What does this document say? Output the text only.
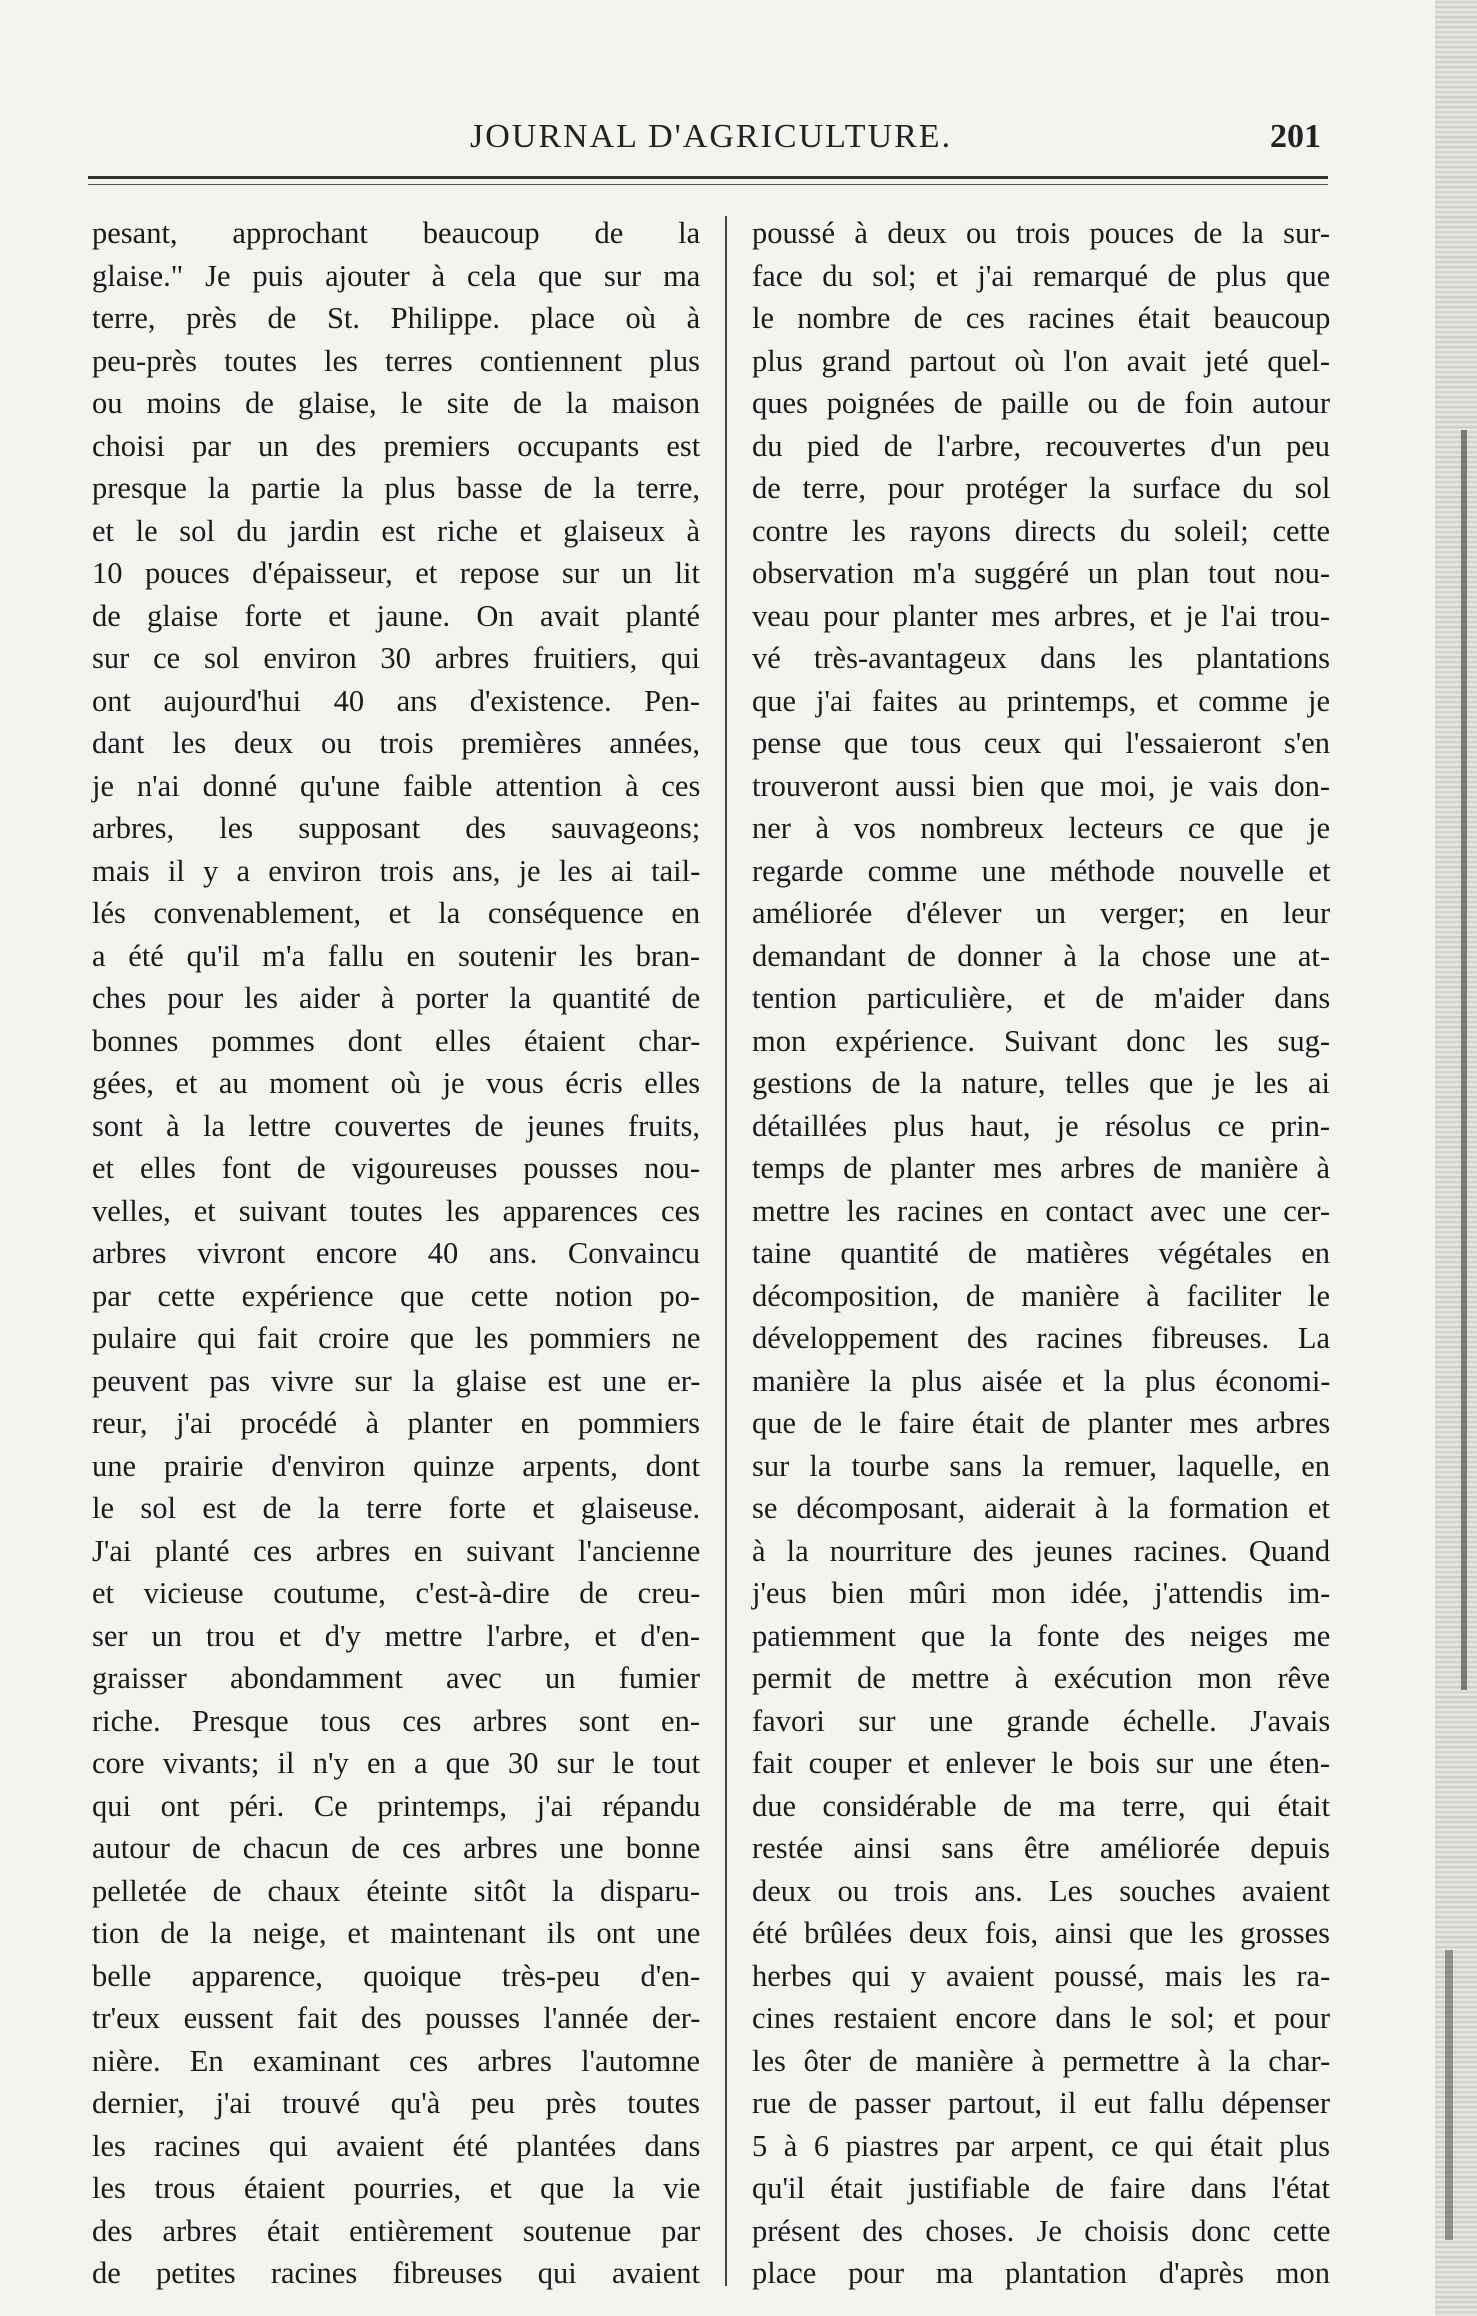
JOURNAL D'AGRICULTURE.	201
pesant, approchant beaucoup de la
glaise." Je puis ajouter à cela que sur ma
terre, près de St. Philippe. place où à
peu-près toutes les terres contiennent plus
ou moins de glaise, le site de la maison
choisi par un des premiers occupants est
presque la partie la plus basse de la terre,
et le sol du jardin est riche et glaiseux à
10 pouces d'épaisseur, et repose sur un lit
de glaise forte et jaune. On avait planté
sur ce sol environ 30 arbres fruitiers, qui
ont aujourd'hui 40 ans d'existence. Pen-
dant les deux ou trois premières années,
je n'ai donné qu'une faible attention à ces
arbres, les supposant des sauvageons;
mais il y a environ trois ans, je les ai tail-
lés convenablement, et la conséquence en
a été qu'il m'a fallu en soutenir les bran-
ches pour les aider à porter la quantité de
bonnes pommes dont elles étaient char-
gées, et au moment où je vous écris elles
sont à la lettre couvertes de jeunes fruits,
et elles font de vigoureuses pousses nou-
velles, et suivant toutes les apparences ces
arbres vivront encore 40 ans. Convaincu
par cette expérience que cette notion po-
pulaire qui fait croire que les pommiers ne
peuvent pas vivre sur la glaise est une er-
reur, j'ai procédé à planter en pommiers
une prairie d'environ quinze arpents, dont
le sol est de la terre forte et glaiseuse.
J'ai planté ces arbres en suivant l'ancienne
et vicieuse coutume, c'est-à-dire de creu-
ser un trou et d'y mettre l'arbre, et d'en-
graisser abondamment avec un fumier
riche. Presque tous ces arbres sont en-
core vivants; il n'y en a que 30 sur le tout
qui ont péri. Ce printemps, j'ai répandu
autour de chacun de ces arbres une bonne
pelletée de chaux éteinte sitôt la disparu-
tion de la neige, et maintenant ils ont une
belle apparence, quoique très-peu d'en-
tr'eux eussent fait des pousses l'année der-
nière. En examinant ces arbres l'automne
dernier, j'ai trouvé qu'à peu près toutes
les racines qui avaient été plantées dans
les trous étaient pourries, et que la vie
des arbres était entièrement soutenue par
de petites racines fibreuses qui avaient
poussé à deux ou trois pouces de la sur-
face du sol; et j'ai remarqué de plus que
le nombre de ces racines était beaucoup
plus grand partout où l'on avait jeté quel-
ques poignées de paille ou de foin autour
du pied de l'arbre, recouvertes d'un peu
de terre, pour protéger la surface du sol
contre les rayons directs du soleil; cette
observation m'a suggéré un plan tout nou-
veau pour planter mes arbres, et je l'ai trou-
vé très-avantageux dans les plantations
que j'ai faites au printemps, et comme je
pense que tous ceux qui l'essaieront s'en
trouveront aussi bien que moi, je vais don-
ner à vos nombreux lecteurs ce que je
regarde comme une méthode nouvelle et
améliorée d'élever un verger; en leur
demandant de donner à la chose une at-
tention particulière, et de m'aider dans
mon expérience. Suivant donc les sug-
gestions de la nature, telles que je les ai
détaillées plus haut, je résolus ce prin-
temps de planter mes arbres de manière à
mettre les racines en contact avec une cer-
taine quantité de matières végétales en
décomposition, de manière à faciliter le
développement des racines fibreuses. La
manière la plus aisée et la plus économi-
que de le faire était de planter mes arbres
sur la tourbe sans la remuer, laquelle, en
se décomposant, aiderait à la formation et
à la nourriture des jeunes racines. Quand
j'eus bien mûri mon idée, j'attendis im-
patiemment que la fonte des neiges me
permit de mettre à exécution mon rêve
favori sur une grande échelle. J'avais
fait couper et enlever le bois sur une éten-
due considérable de ma terre, qui était
restée ainsi sans être améliorée depuis
deux ou trois ans. Les souches avaient
été brûlées deux fois, ainsi que les grosses
herbes qui y avaient poussé, mais les ra-
cines restaient encore dans le sol; et pour
les ôter de manière à permettre à la char-
rue de passer partout, il eut fallu dépenser
5 à 6 piastres par arpent, ce qui était plus
qu'il était justifiable de faire dans l'état
présent des choses. Je choisis donc cette
place pour ma plantation d'après mon
